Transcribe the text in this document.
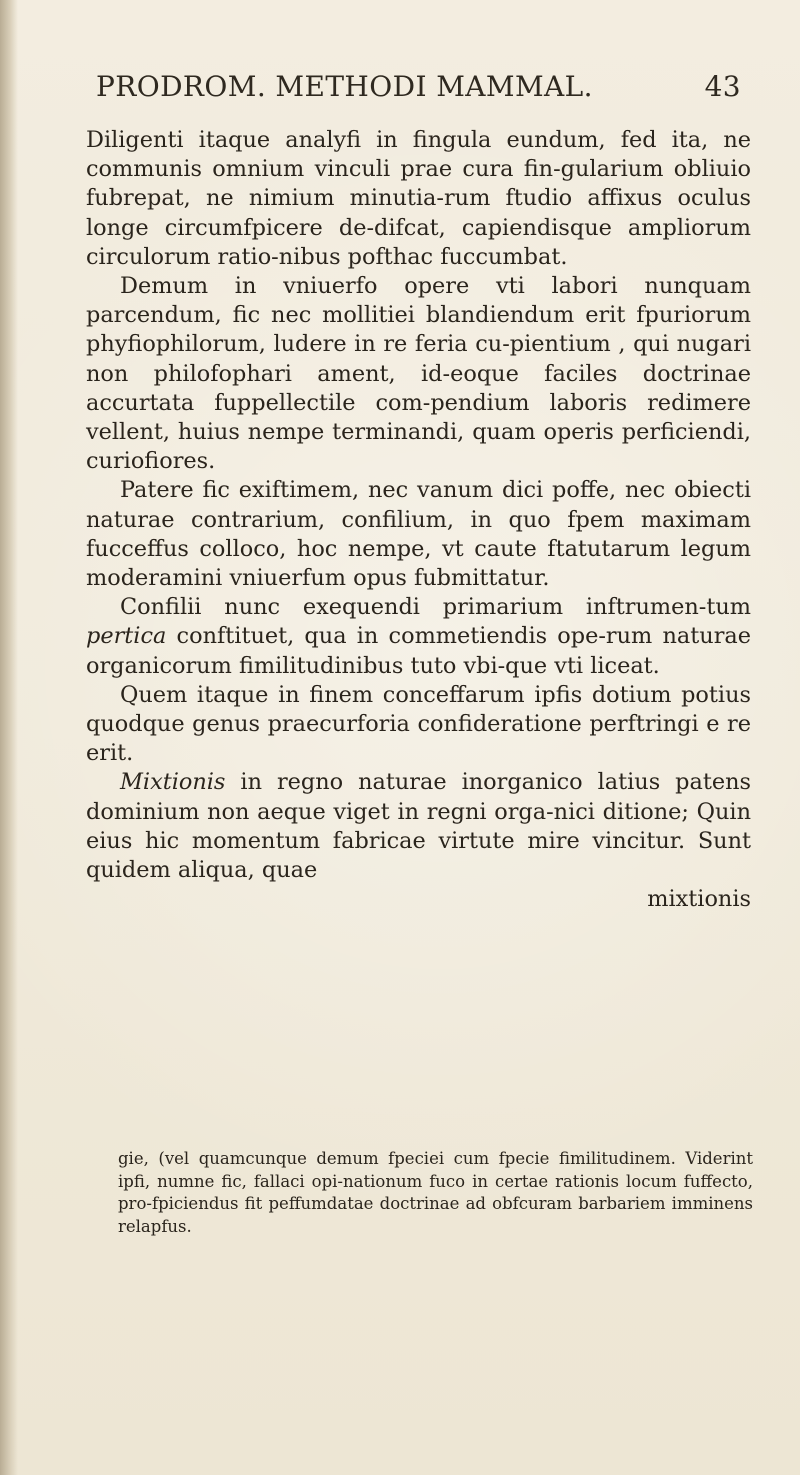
PRODROM. METHODI MAMMAL.	43

Diligenti itaque analyfi in fingula eundum, fed ita, ne communis omnium vinculi prae cura fin-gularium obliuio fubrepat, ne nimium minutia-rum ftudio affixus oculus longe circumfpicere de-difcat, capiendisque ampliorum circulorum ratio-nibus pofthac fuccumbat.

Demum in vniuerfo opere vti labori nunquam parcendum, fic nec mollitiei blandiendum erit fpuriorum phyfiophilorum, ludere in re feria cu-pientium , qui nugari non philofophari ament, id-eoque faciles doctrinae accurtata fuppellectile com-pendium laboris redimere vellent, huius nempe terminandi, quam operis perficiendi, curiofiores.

Patere fic exiftimem, nec vanum dici poffe, nec obiecti naturae contrarium, confilium, in quo fpem maximam fucceffus colloco, hoc nempe, vt caute ftatutarum legum moderamini vniuerfum opus fubmittatur.

Confilii nunc exequendi primarium inftrumen-tum pertica conftituet, qua in commetiendis ope-rum naturae organicorum fimilitudinibus tuto vbi-que vti liceat.

Quem itaque in finem conceffarum ipfis dotium potius quodque genus praecurforia confideratione perftringi e re erit.

Mixtionis in regno naturae inorganico latius patens dominium non aeque viget in regni orga-nici ditione; Quin eius hic momentum fabricae virtute mire vincitur. Sunt quidem aliqua, quae

mixtionis

gie, (vel quamcunque demum fpeciei cum fpecie fimilitudinem. Viderint ipfi, numne fic, fallaci opi-nationum fuco in certae rationis locum fuffecto, pro-fpiciendus fit peffumdatae doctrinae ad obfcuram barbariem imminens relapfus.
